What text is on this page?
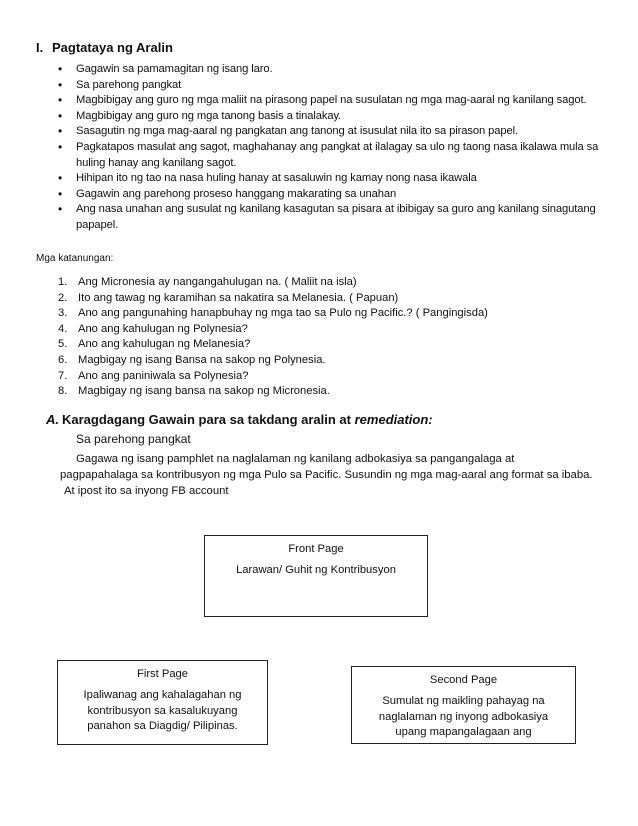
I. Pagtataya ng Aralin
• Gagawin sa pamamagitan ng isang laro.
• Sa parehong pangkat
• Magbibigay ang guro ng mga maliit na pirasong papel na susulatan ng mga mag-aaral ng kanilang sagot.
• Magbibigay ang guro ng mga tanong basis a tinalakay.
• Sasagutin ng mga mag-aaral ng pangkatan ang tanong at isusulat nila ito sa pirason papel.
• Pagkatapos masulat ang sagot, maghahanay ang pangkat at ilalagay sa ulo ng taong nasa ikalawa mula sa huling hanay ang kanilang sagot.
• Hihipan ito ng tao na nasa huling hanay at sasaluwin ng kamay nong nasa ikawala
• Gagawin ang parehong proseso hanggang makarating sa unahan
• Ang nasa unahan ang susulat ng kanilang kasagutan sa pisara at ibibigay sa guro ang kanilang sinagutang papapel.
Mga katanungan:
1. Ang Micronesia ay nangangahulugan na. ( Maliit na isla)
2. Ito ang tawag ng karamihan sa nakatira sa Melanesia. ( Papuan)
3. Ano ang pangunahing hanapbuhay ng mga tao sa Pulo ng Pacific.? ( Pangingisda)
4. Ano ang kahulugan ng Polynesia?
5. Ano ang kahulugan ng Melanesia?
6. Magbigay ng isang Bansa na sakop ng Polynesia.
7. Ano ang paniniwala sa Polynesia?
8. Magbigay ng isang bansa na sakop ng Micronesia.
A. Karagdagang Gawain para sa takdang aralin at remediation:
Sa parehong pangkat
Gagawa ng isang pamphlet na naglalaman ng kanilang adbokasiya sa pangangalaga at
pagpapahalaga sa kontribusyon ng mga Pulo sa Pacific. Susundin ng mga mag-aaral ang format sa ibaba.
At ipost ito sa inyong FB account
Front Page
Larawan/ Guhit ng Kontribusyon
First Page
Ipaliwanag ang kahalagahan ng kontribusyon sa kasalukuyang panahon sa Diagdig/ Pilipinas.
Second Page
Sumulat ng maikling pahayag na naglalaman ng inyong adbokasiya upang mapangalagaan ang
